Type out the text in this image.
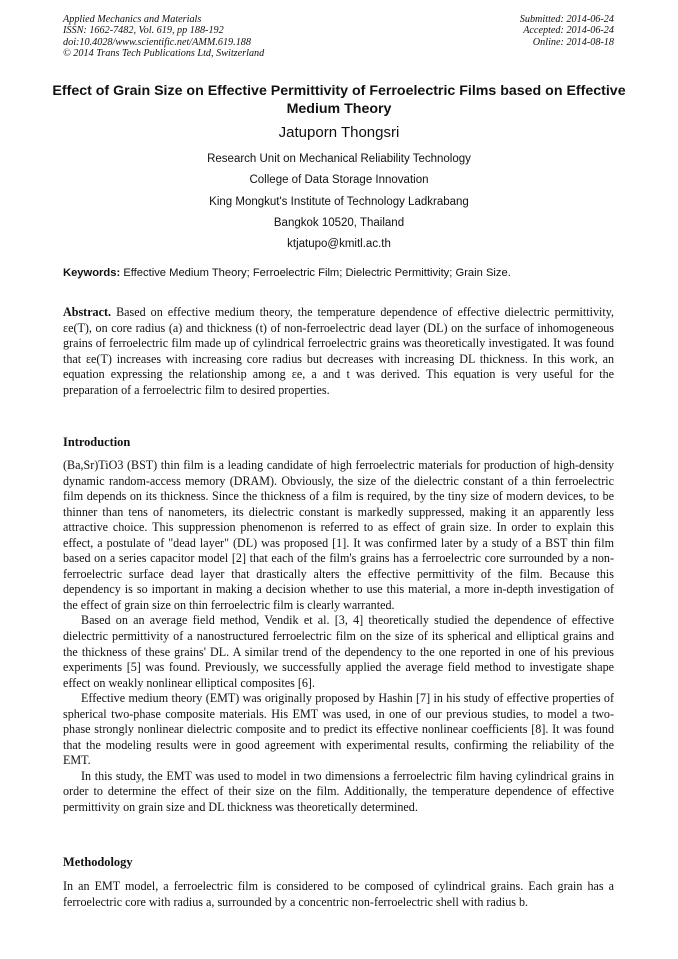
Applied Mechanics and Materials
ISSN: 1662-7482, Vol. 619, pp 188-192
doi:10.4028/www.scientific.net/AMM.619.188
© 2014 Trans Tech Publications Ltd, Switzerland
Submitted: 2014-06-24
Accepted: 2014-06-24
Online: 2014-08-18
Effect of Grain Size on Effective Permittivity of Ferroelectric Films based on Effective Medium Theory
Jatuporn Thongsri
Research Unit on Mechanical Reliability Technology
College of Data Storage Innovation
King Mongkut's Institute of Technology Ladkrabang
Bangkok 10520, Thailand
ktjatupo@kmitl.ac.th
Keywords: Effective Medium Theory; Ferroelectric Film; Dielectric Permittivity; Grain Size.

Abstract. Based on effective medium theory, the temperature dependence of effective dielectric permittivity, εe(T), on core radius (a) and thickness (t) of non-ferroelectric dead layer (DL) on the surface of inhomogeneous grains of ferroelectric film made up of cylindrical ferroelectric grains was theoretically investigated. It was found that εe(T) increases with increasing core radius but decreases with increasing DL thickness. In this work, an equation expressing the relationship among εe, a and t was derived. This equation is very useful for the preparation of a ferroelectric film to desired properties.

Introduction

(Ba,Sr)TiO3 (BST) thin film is a leading candidate of high ferroelectric materials for production of high-density dynamic random-access memory (DRAM). Obviously, the size of the dielectric constant of a thin ferroelectric film depends on its thickness. Since the thickness of a film is required, by the tiny size of modern devices, to be thinner than tens of nanometers, its dielectric constant is markedly suppressed, making it an apparently less attractive choice. This suppression phenomenon is referred to as effect of grain size. In order to explain this effect, a postulate of "dead layer" (DL) was proposed [1]. It was confirmed later by a study of a BST thin film based on a series capacitor model [2] that each of the film's grains has a ferroelectric core surrounded by a non-ferroelectric surface dead layer that drastically alters the effective permittivity of the film. Because this dependency is so important in making a decision whether to use this material, a more in-depth investigation of the effect of grain size on thin ferroelectric film is clearly warranted.

Based on an average field method, Vendik et al. [3, 4] theoretically studied the dependence of effective dielectric permittivity of a nanostructured ferroelectric film on the size of its spherical and elliptical grains and the thickness of these grains' DL. A similar trend of the dependency to the one reported in one of his previous experiments [5] was found. Previously, we successfully applied the average field method to investigate shape effect on weakly nonlinear elliptical composites [6].

Effective medium theory (EMT) was originally proposed by Hashin [7] in his study of effective properties of spherical two-phase composite materials. His EMT was used, in one of our previous studies, to model a two-phase strongly nonlinear dielectric composite and to predict its effective nonlinear coefficients [8]. It was found that the modeling results were in good agreement with experimental results, confirming the reliability of the EMT.

In this study, the EMT was used to model in two dimensions a ferroelectric film having cylindrical grains in order to determine the effect of their size on the film. Additionally, the temperature dependence of effective permittivity on grain size and DL thickness was theoretically determined.

Methodology

In an EMT model, a ferroelectric film is considered to be composed of cylindrical grains. Each grain has a ferroelectric core with radius a, surrounded by a concentric non-ferroelectric shell with radius b.
